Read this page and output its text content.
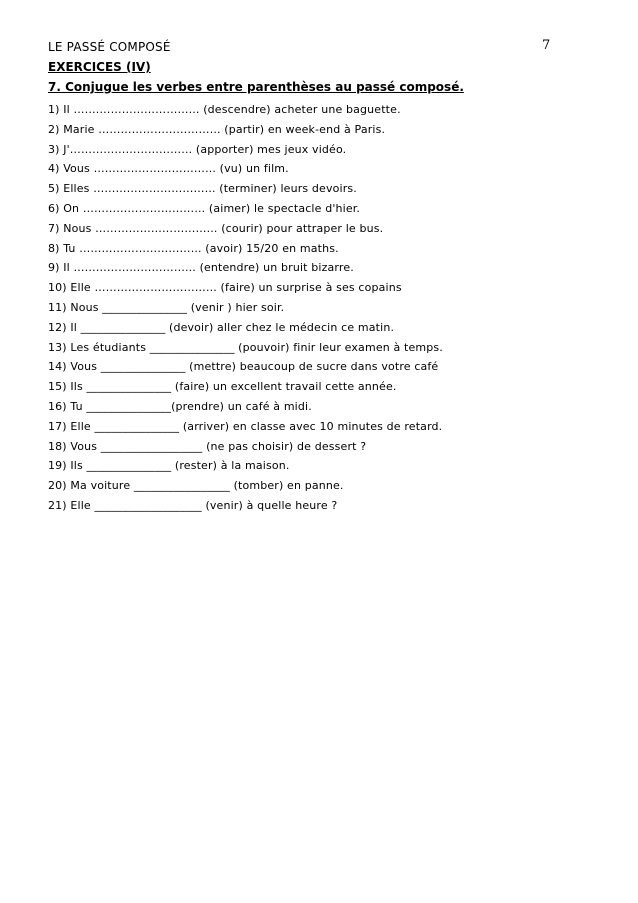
LE PASSÉ COMPOSÉ	7
EXERCICES (IV)
7. Conjugue les verbes entre parenthèses au passé composé.
1) Il …….……………………... (descendre) acheter une baguette.
2) Marie …………………………... (partir) en week-end à Paris.
3) J'…………………………... (apporter) mes jeux vidéo.
4) Vous …………………………... (vu) un film.
5) Elles …………………………... (terminer) leurs devoirs.
6) On …………………………... (aimer) le spectacle d'hier.
7) Nous …………………………... (courir) pour attraper le bus.
8) Tu …………………………... (avoir) 15/20 en maths.
9) Il …………………………... (entendre) un bruit bizarre.
10) Elle …………………………... (faire) un surprise à ses copains
11) Nous _______________ (venir ) hier soir.
12) Il _______________ (devoir) aller chez le médecin ce matin.
13) Les étudiants _______________ (pouvoir) finir leur examen à temps.
14) Vous _______________ (mettre) beaucoup de sucre dans votre café
15) Ils _______________ (faire) un excellent travail cette année.
16) Tu _______________(prendre) un café à midi.
17) Elle _______________ (arriver) en classe avec 10 minutes de retard.
18) Vous __________________ (ne pas choisir) de dessert ?
19) Ils _______________ (rester) à la maison.
20) Ma voiture _________________ (tomber) en panne.
21) Elle ___________________ (venir) à quelle heure ?
